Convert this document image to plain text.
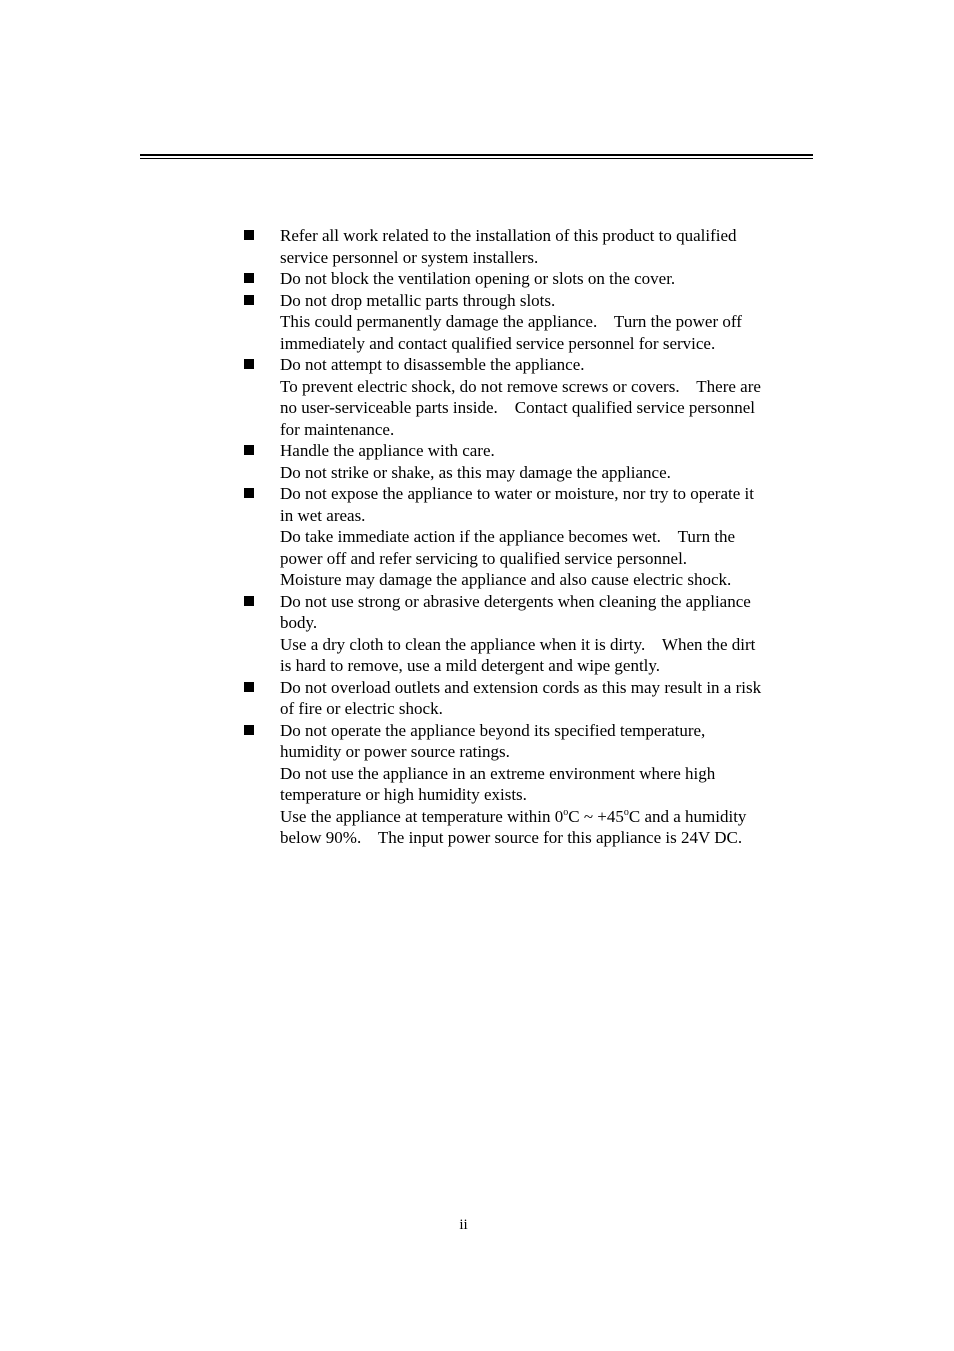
Refer all work related to the installation of this product to qualified
service personnel or system installers.
Do not block the ventilation opening or slots on the cover.
Do not drop metallic parts through slots.
This could permanently damage the appliance.    Turn the power off
immediately and contact qualified service personnel for service.
Do not attempt to disassemble the appliance.
To prevent electric shock, do not remove screws or covers.    There are
no user-serviceable parts inside.    Contact qualified service personnel
for maintenance.
Handle the appliance with care.
Do not strike or shake, as this may damage the appliance.
Do not expose the appliance to water or moisture, nor try to operate it
in wet areas.
Do take immediate action if the appliance becomes wet.    Turn the
power off and refer servicing to qualified service personnel.
Moisture may damage the appliance and also cause electric shock.
Do not use strong or abrasive detergents when cleaning the appliance
body.
Use a dry cloth to clean the appliance when it is dirty.    When the dirt
is hard to remove, use a mild detergent and wipe gently.
Do not overload outlets and extension cords as this may result in a risk
of fire or electric shock.
Do not operate the appliance beyond its specified temperature,
humidity or power source ratings.
Do not use the appliance in an extreme environment where high
temperature or high humidity exists.
Use the appliance at temperature within 0$^o$C ~ $+45^oC$ and a humidity
below 90%.    The input power source for this appliance is 24V DC.
ii
